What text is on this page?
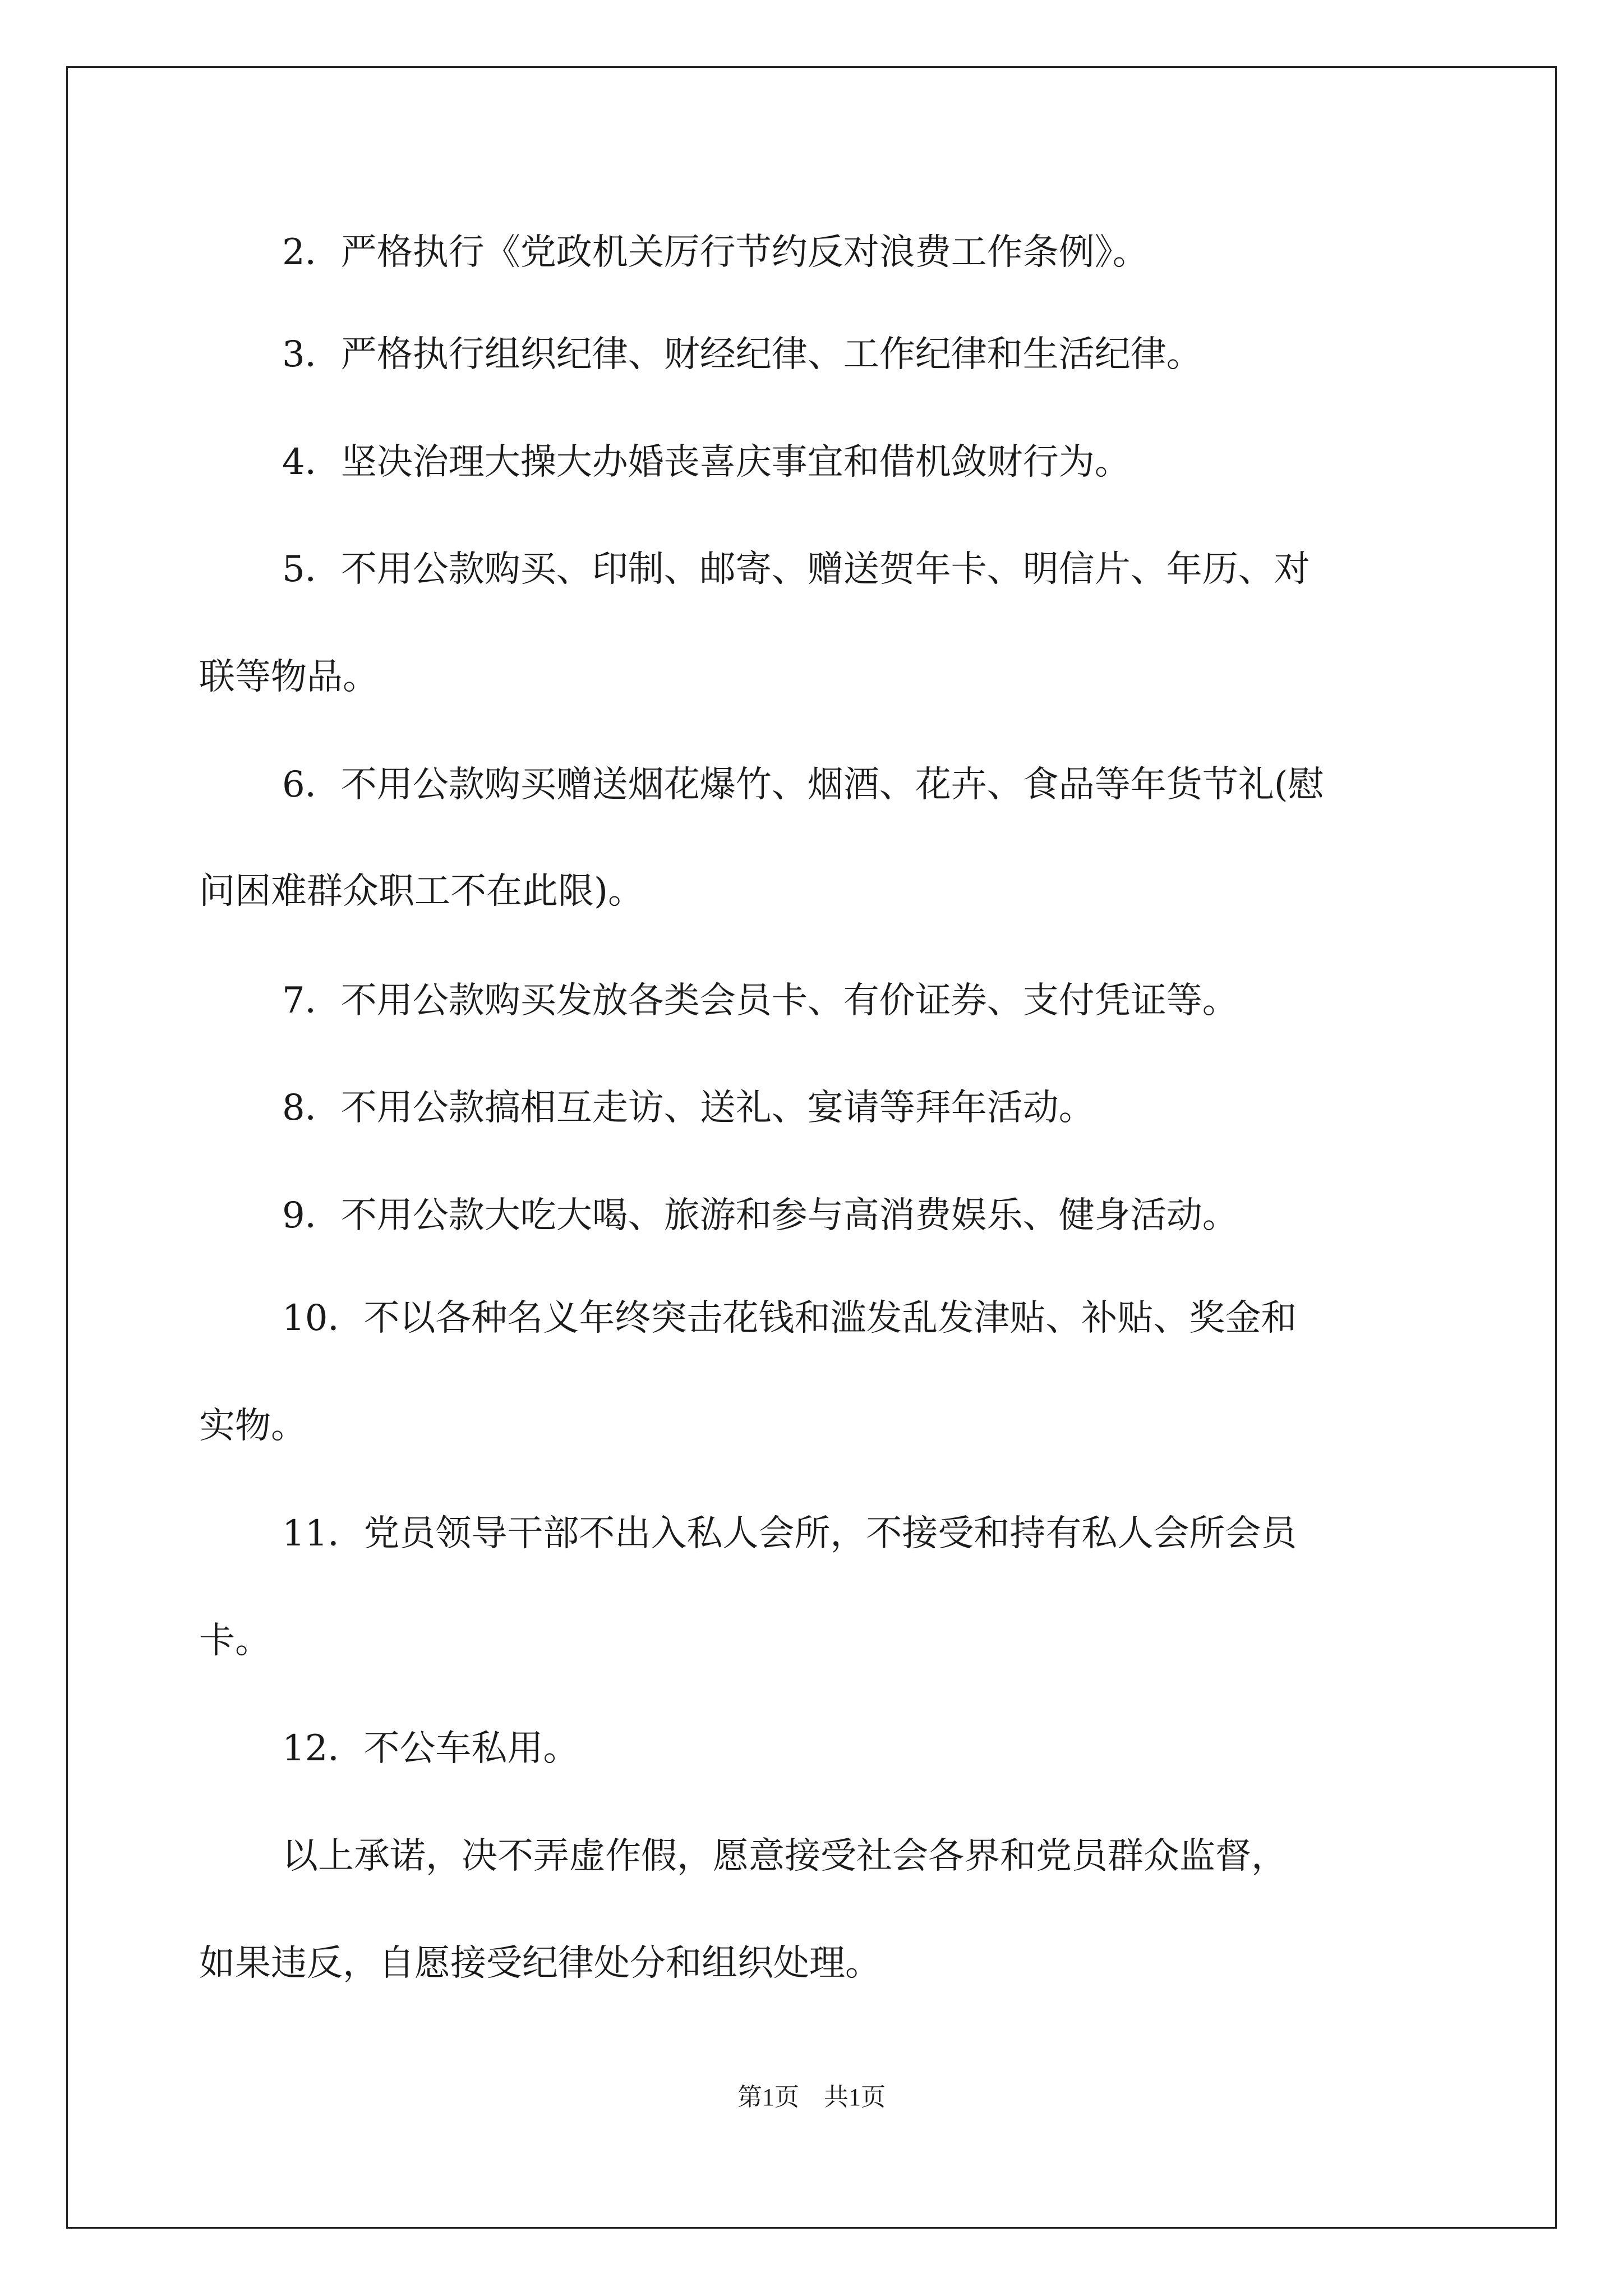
2．严格执行《党政机关厉行节约反对浪费工作条例》。
3．严格执行组织纪律、财经纪律、工作纪律和生活纪律。
4．坚决治理大操大办婚丧喜庆事宜和借机敛财行为。
5．不用公款购买、印制、邮寄、赠送贺年卡、明信片、年历、对
联等物品。
6．不用公款购买赠送烟花爆竹、烟酒、花卉、食品等年货节礼(慰
问困难群众职工不在此限)。
7．不用公款购买发放各类会员卡、有价证券、支付凭证等。
8．不用公款搞相互走访、送礼、宴请等拜年活动。
9．不用公款大吃大喝、旅游和参与高消费娱乐、健身活动。
10．不以各种名义年终突击花钱和滥发乱发津贴、补贴、奖金和
实物。
11．党员领导干部不出入私人会所，不接受和持有私人会所会员
卡。
12．不公车私用。
以上承诺，决不弄虚作假，愿意接受社会各界和党员群众监督，
如果违反，自愿接受纪律处分和组织处理。
第1页　共1页
